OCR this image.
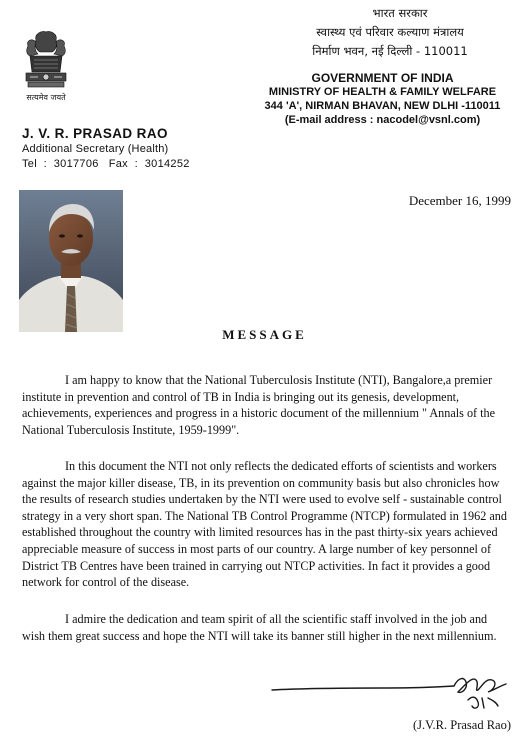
सत्यमेव जयते
भारत सरकार
स्वास्थ्य एवं परिवार कल्याण मंत्रालय
निर्माण भवन, नई दिल्ली - 110011
GOVERNMENT OF INDIA
MINISTRY OF HEALTH & FAMILY WELFARE
344 'A', NIRMAN BHAVAN, NEW DLHI -110011
(E-mail address : nacodel@vsnl.com)
J. V. R. PRASAD RAO
Additional Secretary (Health)
Tel  :  3017706   Fax  :  3014252
December 16, 1999
MESSAGE

I am happy to know that the National Tuberculosis Institute (NTI), Bangalore,a premier institute in prevention and control of TB in India is bringing out its genesis, development, achievements, experiences and progress in a historic document of the millennium " Annals of the National Tuberculosis Institute, 1959-1999".

In this document the NTI not only reflects the dedicated efforts of scientists and workers against the major killer disease, TB, in its prevention on community basis but also chronicles how the results of research studies undertaken by the NTI were used to evolve self - sustainable control strategy in a very short span. The National TB Control Programme (NTCP) formulated in 1962 and established throughout the country with limited resources has in the past thirty-six years achieved appreciable measure of success in most parts of our country. A large number of key personnel of District TB Centres have been trained in carrying out NTCP activities. In fact it provides a good network for control of the disease.

I admire the dedication and team spirit of all the scientific staff involved in the job and wish them great success and hope the NTI will take its banner still higher in the next millennium.

(J.V.R. Prasad Rao)
